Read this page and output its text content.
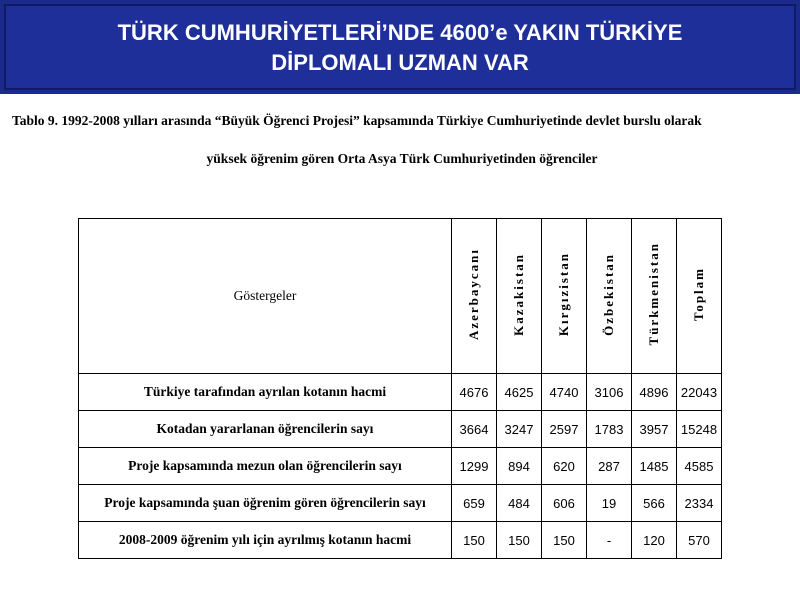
TÜRK CUMHURİYETLERİ’NDE 4600’e YAKIN TÜRKİYE
DİPLOMALI UZMAN VAR
Tablo 9. 1992-2008 yılları arasında “Büyük Öğrenci Projesi” kapsamında Türkiye Cumhuriyetinde devlet burslu olarak
yüksek öğrenim gören Orta Asya Türk Cumhuriyetinden öğrenciler
Göstergeler	Azerbaycanı	Kazakistan	Kırgızistan	Özbekistan	Türkmenistan	Toplam
Türkiye tarafından ayrılan kotanın hacmi	4676	4625	4740	3106	4896	22043
Kotadan yararlanan öğrencilerin sayı	3664	3247	2597	1783	3957	15248
Proje kapsamında mezun olan öğrencilerin sayı	1299	894	620	287	1485	4585
Proje kapsamında şuan öğrenim gören öğrencilerin sayı	659	484	606	19	566	2334
2008-2009 öğrenim yılı için ayrılmış kotanın hacmi	150	150	150	-	120	570
